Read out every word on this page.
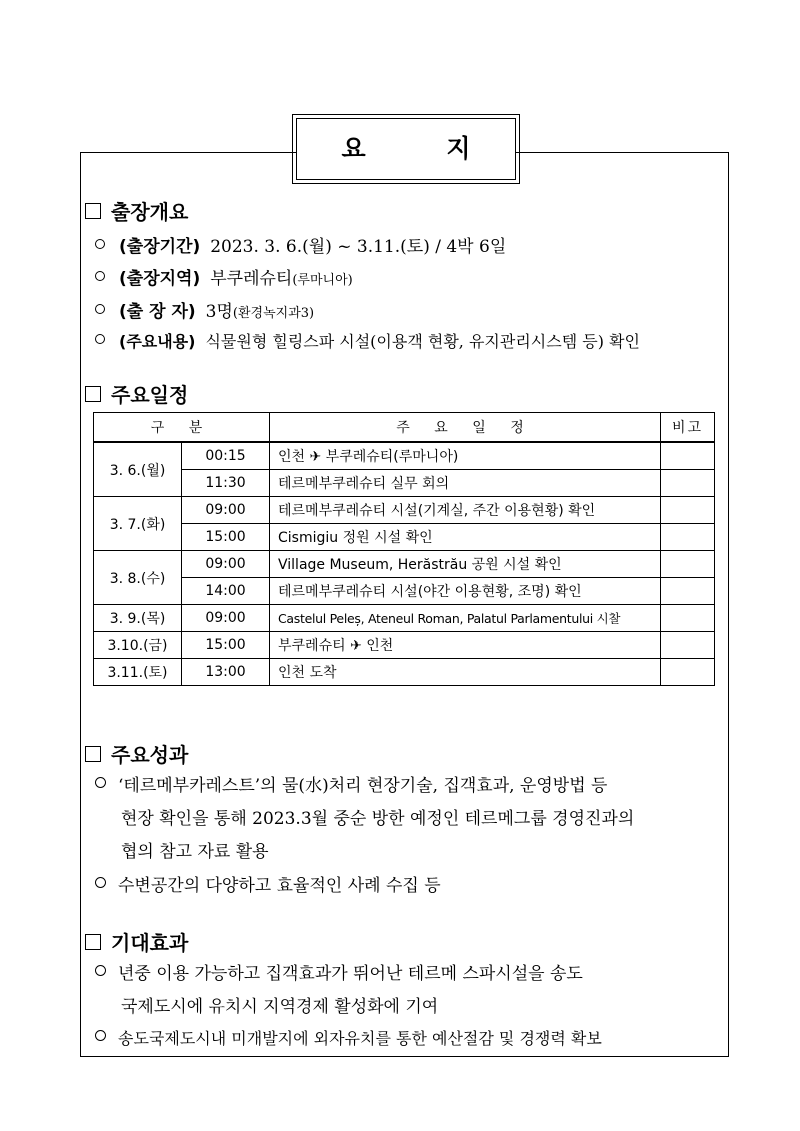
요 지
출장개요
(출장기간) 2023. 3. 6.(월) ~ 3.11.(토) / 4박 6일
(출장지역) 부쿠레슈티(루마니아)
(출 장 자) 3명(환경녹지과3)
(주요내용) 식물원형 힐링스파 시설(이용객 현황, 유지관리시스템 등) 확인
주요일정
구 분		주 요 일 정	비고
3. 6.(월)	00:15	인천 ✈ 부쿠레슈티(루마니아)	
	11:30	테르메부쿠레슈티 실무 회의	
3. 7.(화)	09:00	테르메부쿠레슈티 시설(기계실, 주간 이용현황) 확인	
	15:00	Cismigiu 정원 시설 확인	
3. 8.(수)	09:00	Village Museum, Herăstrău 공원 시설 확인	
	14:00	테르메부쿠레슈티 시설(야간 이용현황, 조명) 확인	
3. 9.(목)	09:00	Castelul Peleș, Ateneul Roman, Palatul Parlamentului 시찰	
3.10.(금)	15:00	부쿠레슈티 ✈ 인천	
3.11.(토)	13:00	인천 도착	
주요성과
‘테르메부카레스트’의 물(水)처리 현장기술, 집객효과, 운영방법 등
현장 확인을 통해 2023.3월 중순 방한 예정인 테르메그룹 경영진과의
협의 참고 자료 활용
수변공간의 다양하고 효율적인 사례 수집 등
기대효과
년중 이용 가능하고 집객효과가 뛰어난 테르메 스파시설을 송도
국제도시에 유치시 지역경제 활성화에 기여
송도국제도시내 미개발지에 외자유치를 통한 예산절감 및 경쟁력 확보
